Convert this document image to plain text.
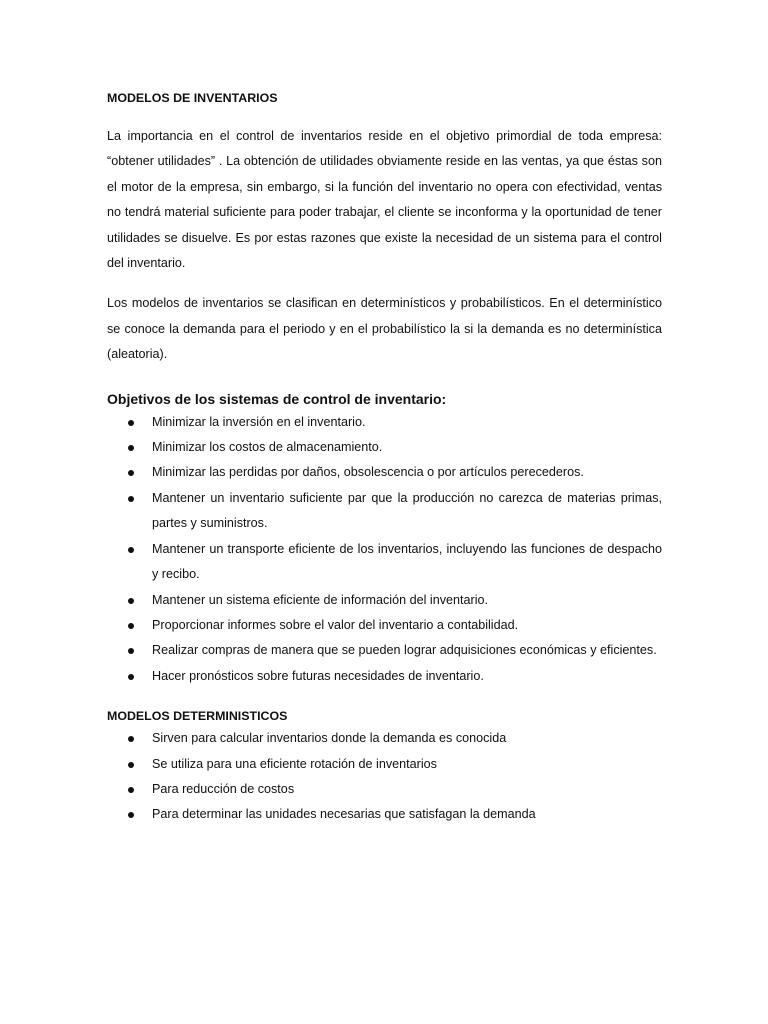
MODELOS DE INVENTARIOS

La importancia en el control de inventarios reside en el objetivo primordial de toda empresa: “obtener utilidades” . La obtención de utilidades obviamente reside en las ventas, ya que éstas son el motor de la empresa, sin embargo, si la función del inventario no opera con efectividad, ventas no tendrá material suficiente para poder trabajar, el cliente se inconforma y la oportunidad de tener utilidades se disuelve. Es por estas razones que existe la necesidad de un sistema para el control del inventario.

Los modelos de inventarios se clasifican en determinísticos y probabilísticos. En el determinístico se conoce la demanda para el periodo y en el probabilístico la si la demanda es no determinística (aleatoria).

Objetivos de los sistemas de control de inventario:
Minimizar la inversión en el inventario.
Minimizar los costos de almacenamiento.
Minimizar las perdidas por daños, obsolescencia o por artículos perecederos.
Mantener un inventario suficiente par que la producción no carezca de materias primas, partes y suministros.
Mantener un transporte eficiente de los inventarios, incluyendo las funciones de despacho y recibo.
Mantener un sistema eficiente de información del inventario.
Proporcionar informes sobre el valor del inventario a contabilidad.
Realizar compras de manera que se pueden lograr adquisiciones económicas y eficientes.
Hacer pronósticos sobre futuras necesidades de inventario.
MODELOS DETERMINISTICOS
Sirven para calcular inventarios donde la demanda es conocida
Se utiliza para una eficiente rotación de inventarios
Para reducción de costos
Para determinar las unidades necesarias que satisfagan la demanda
